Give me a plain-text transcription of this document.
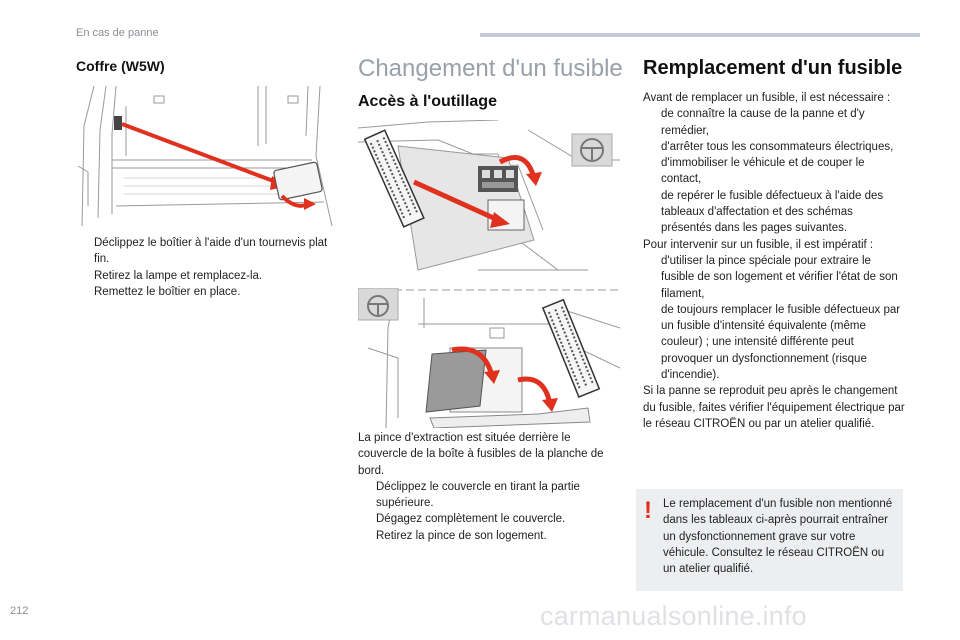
En cas de panne
Coffre (W5W)

Déclippez le boîtier à l'aide d'un tournevis plat fin.

Retirez la lampe et remplacez-la.

Remettez le boîtier en place.

Changement d'un fusible
Accès à l'outillage

La pince d'extraction est située derrière le couvercle de la boîte à fusibles de la planche de bord.

Déclippez le couvercle en tirant la partie supérieure.

Dégagez complètement le couvercle.

Retirez la pince de son logement.

Remplacement d'un fusible

Avant de remplacer un fusible, il est nécessaire :

de connaître la cause de la panne et d'y remédier,

d'arrêter tous les consommateurs électriques,

d'immobiliser le véhicule et de couper le contact,

de repérer le fusible défectueux à l'aide des tableaux d'affectation et des schémas présentés dans les pages suivantes.

Pour intervenir sur un fusible, il est impératif :

d'utiliser la pince spéciale pour extraire le fusible de son logement et vérifier l'état de son filament,

de toujours remplacer le fusible défectueux par un fusible d'intensité équivalente (même couleur) ; une intensité différente peut provoquer un dysfonctionnement (risque d'incendie).

Si la panne se reproduit peu après le changement du fusible, faites vérifier l'équipement électrique par le réseau CITROËN ou par un atelier qualifié.

! Le remplacement d'un fusible non mentionné dans les tableaux ci-après pourrait entraîner un dysfonctionnement grave sur votre véhicule. Consultez le réseau CITROËN ou un atelier qualifié.
212	carmanualsonline.info
